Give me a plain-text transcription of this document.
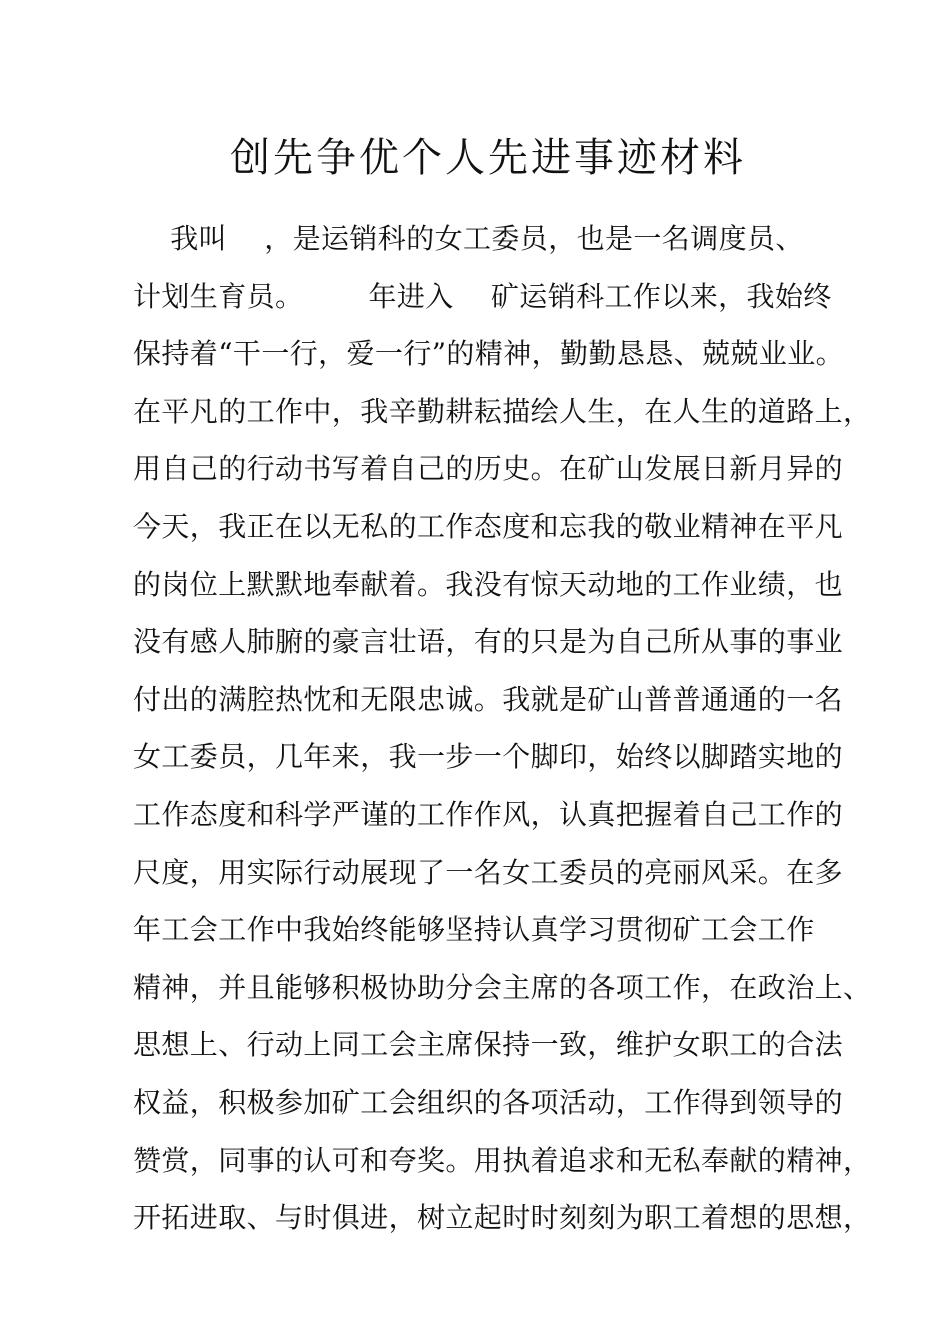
创先争优个人先进事迹材料
我叫    ，是运销科的女工委员，也是一名调度员、
计划生育员。       年进入    矿运销科工作以来，我始终
保持着“干一行，爱一行”的精神，勤勤恳恳、兢兢业业。
在平凡的工作中，我辛勤耕耘描绘人生，在人生的道路上，
用自己的行动书写着自己的历史。在矿山发展日新月异的
今天，我正在以无私的工作态度和忘我的敬业精神在平凡
的岗位上默默地奉献着。我没有惊天动地的工作业绩，也
没有感人肺腑的豪言壮语，有的只是为自己所从事的事业
付出的满腔热忱和无限忠诚。我就是矿山普普通通的一名
女工委员，几年来，我一步一个脚印，始终以脚踏实地的
工作态度和科学严谨的工作作风，认真把握着自己工作的
尺度，用实际行动展现了一名女工委员的亮丽风采。在多
年工会工作中我始终能够坚持认真学习贯彻矿工会工作
精神，并且能够积极协助分会主席的各项工作，在政治上、
思想上、行动上同工会主席保持一致，维护女职工的合法
权益，积极参加矿工会组织的各项活动，工作得到领导的
赞赏，同事的认可和夸奖。用执着追求和无私奉献的精神，
开拓进取、与时俱进，树立起时时刻刻为职工着想的思想，
